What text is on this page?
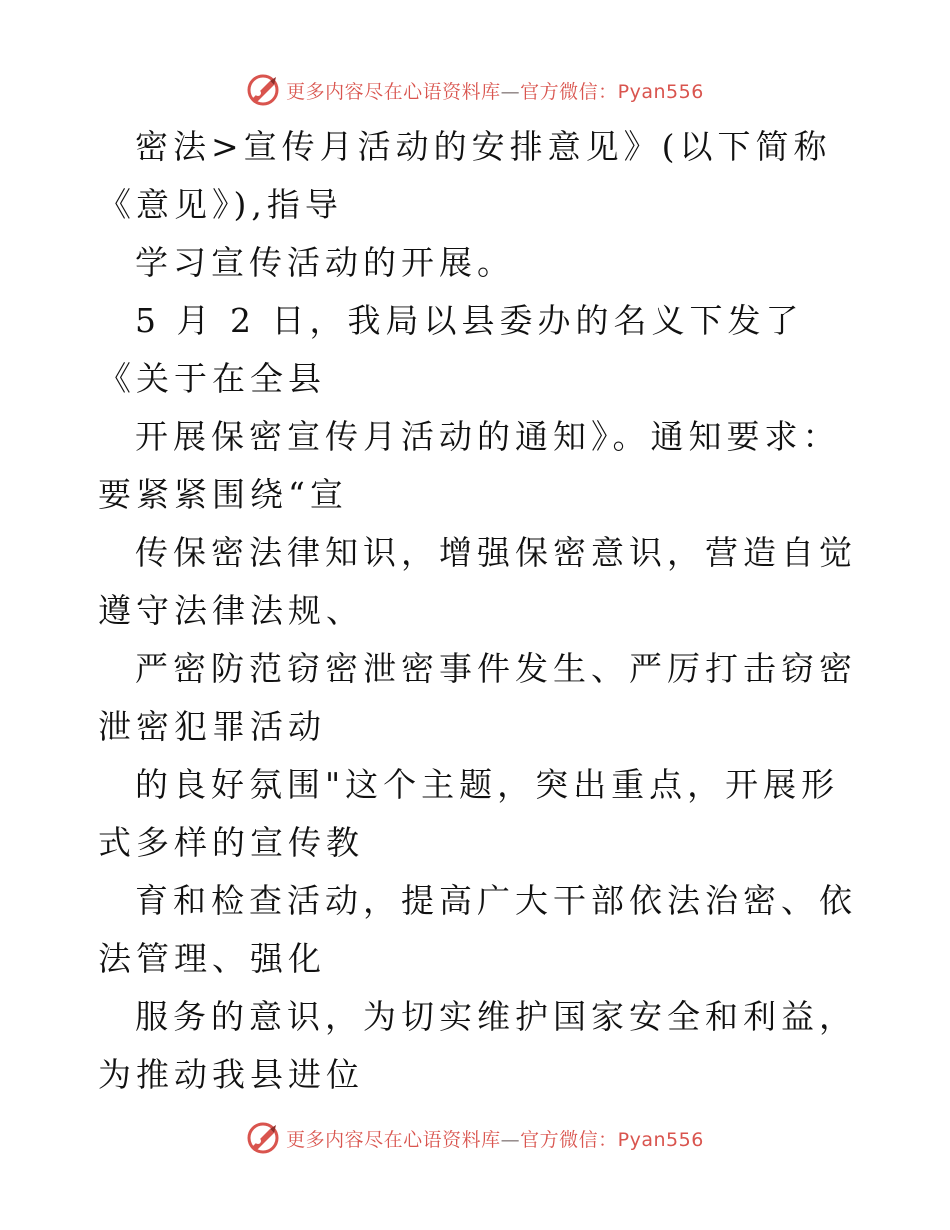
更多内容尽在心语资料库—官方微信：Pyan556

密法>宣传月活动的安排意见》(以下简称《意见》),指导

学习宣传活动的开展。

5 月 2 日，我局以县委办的名义下发了《关于在全县

开展保密宣传月活动的通知》。通知要求：要紧紧围绕“宣

传保密法律知识，增强保密意识，营造自觉遵守法律法规、

严密防范窃密泄密事件发生、严厉打击窃密泄密犯罪活动

的良好氛围"这个主题，突出重点，开展形式多样的宣传教

育和检查活动，提高广大干部依法治密、依法管理、强化

服务的意识，为切实维护国家安全和利益，为推动我县进位

更多内容尽在心语资料库—官方微信：Pyan556
